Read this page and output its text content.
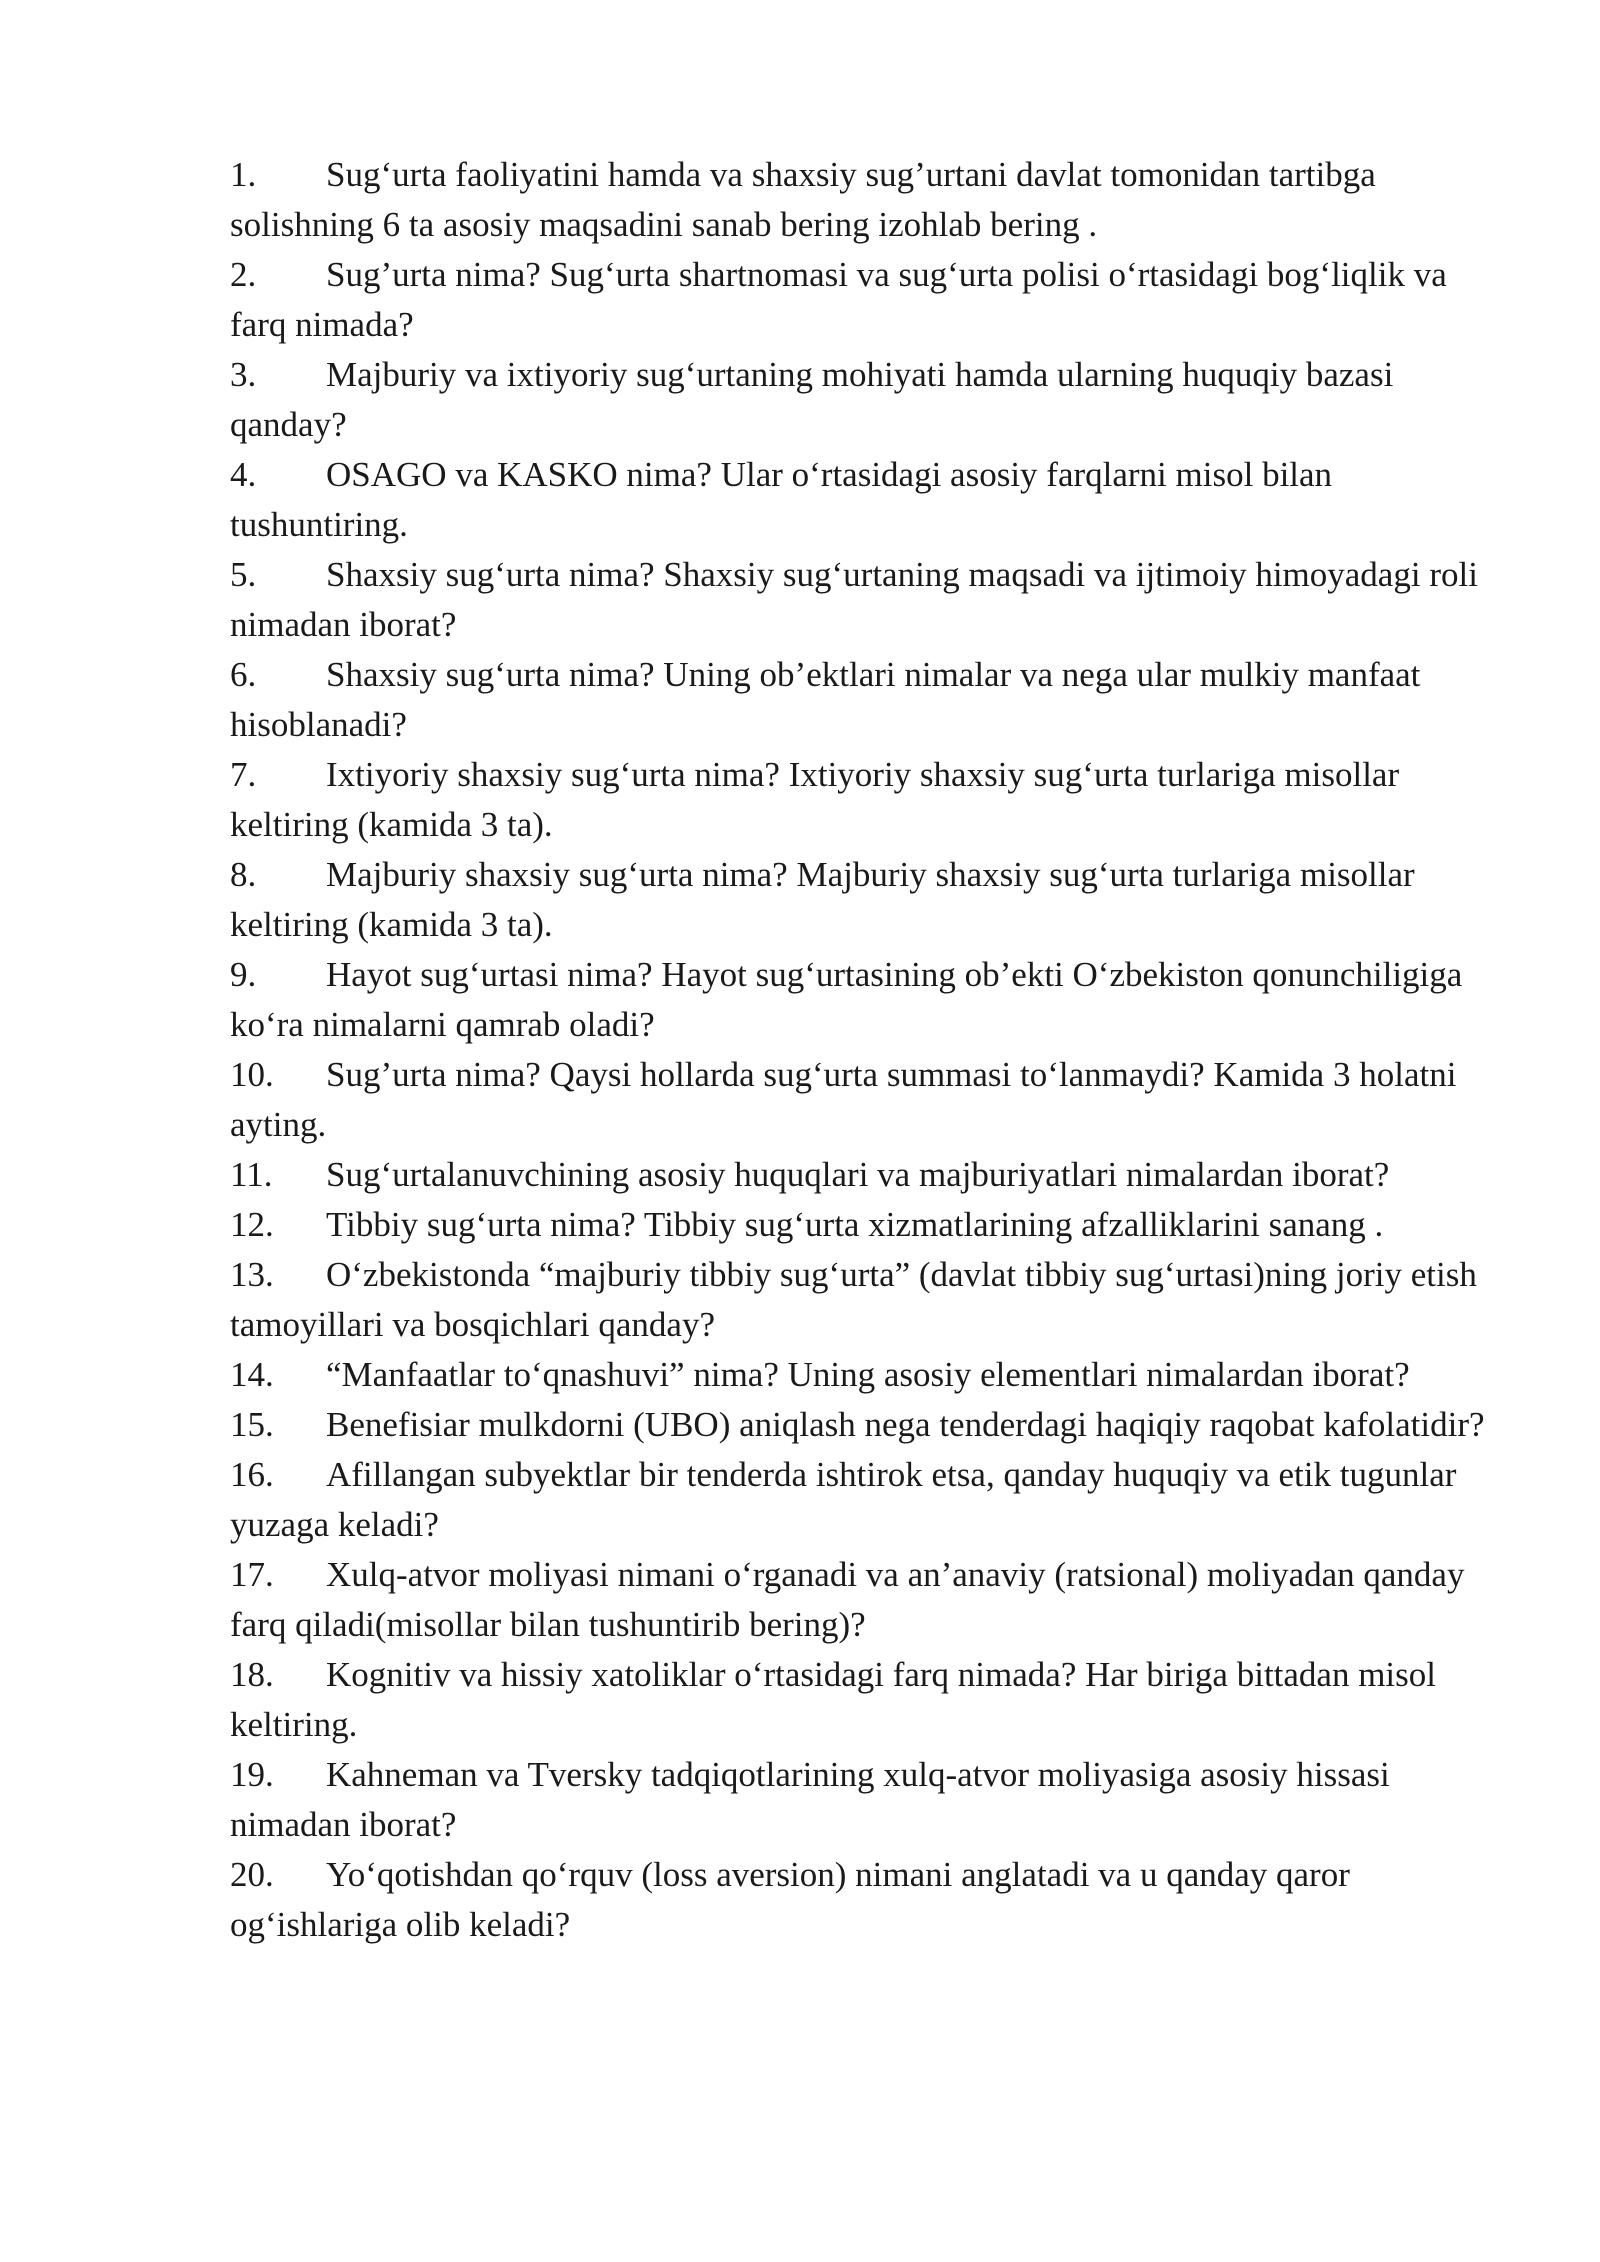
1. Sug‘urta faoliyatini hamda va shaxsiy sug’urtani davlat tomonidan tartibga solishning 6 ta asosiy maqsadini sanab bering izohlab bering .
2. Sug’urta nima? Sug‘urta shartnomasi va sug‘urta polisi o‘rtasidagi bog‘liqlik va farq nimada?
3. Majburiy va ixtiyoriy sug‘urtaning mohiyati hamda ularning huquqiy bazasi qanday?
4. OSAGO va KASKO nima? Ular o‘rtasidagi asosiy farqlarni misol bilan tushuntiring.
5. Shaxsiy sug‘urta nima? Shaxsiy sug‘urtaning maqsadi va ijtimoiy himoyadagi roli nimadan iborat?
6. Shaxsiy sug‘urta nima? Uning ob’ektlari nimalar va nega ular mulkiy manfaat hisoblanadi?
7. Ixtiyoriy shaxsiy sug‘urta nima? Ixtiyoriy shaxsiy sug‘urta turlariga misollar keltiring (kamida 3 ta).
8. Majburiy shaxsiy sug‘urta nima? Majburiy shaxsiy sug‘urta turlariga misollar keltiring (kamida 3 ta).
9. Hayot sug‘urtasi nima? Hayot sug‘urtasining ob’ekti O‘zbekiston qonunchiligiga ko‘ra nimalarni qamrab oladi?
10. Sug’urta nima? Qaysi hollarda sug‘urta summasi to‘lanmaydi? Kamida 3 holatni ayting.
11. Sug‘urtalanuvchining asosiy huquqlari va majburiyatlari nimalardan iborat?
12. Tibbiy sug‘urta nima? Tibbiy sug‘urta xizmatlarining afzalliklarini sanang .
13. O‘zbekistonda “majburiy tibbiy sug‘urta” (davlat tibbiy sug‘urtasi)ning joriy etish tamoyillari va bosqichlari qanday?
14. “Manfaatlar to‘qnashuvi” nima? Uning asosiy elementlari nimalardan iborat?
15. Benefisiar mulkdorni (UBO) aniqlash nega tenderdagi haqiqiy raqobat kafolatidir?
16. Afillangan subyektlar bir tenderda ishtirok etsa, qanday huquqiy va etik tugunlar yuzaga keladi?
17. Xulq-atvor moliyasi nimani o‘rganadi va an’anaviy (ratsional) moliyadan qanday farq qiladi(misollar bilan tushuntirib bering)?
18. Kognitiv va hissiy xatoliklar o‘rtasidagi farq nimada? Har biriga bittadan misol keltiring.
19. Kahneman va Tversky tadqiqotlarining xulq-atvor moliyasiga asosiy hissasi nimadan iborat?
20. Yo‘qotishdan qo‘rquv (loss aversion) nimani anglatadi va u qanday qaror og‘ishlariga olib keladi?
